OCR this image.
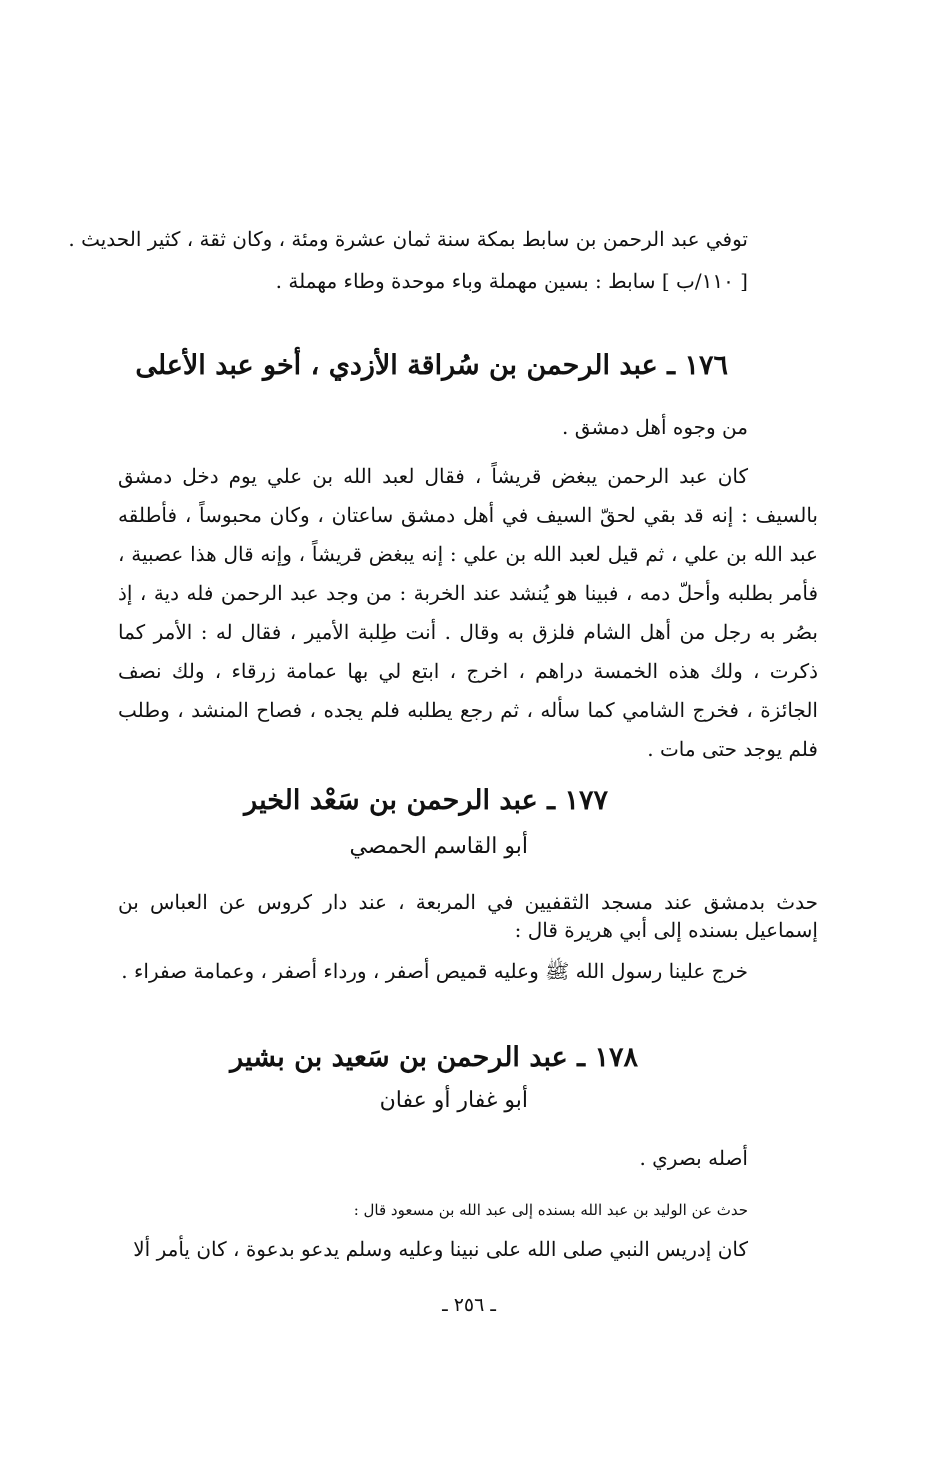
توفي عبد الرحمن بن سابط بمكة سنة ثمان عشرة ومئة ، وكان ثقة ، كثير الحديث .
[ ١١٠/ب ] سابط : بسين مهملة وباء موحدة وطاء مهملة .
١٧٦ ـ عبد الرحمن بن سُراقة الأزدي ، أخو عبد الأعلى
من وجوه أهل دمشق .
كان عبد الرحمن يبغض قريشاً ، فقال لعبد الله بن علي يوم دخل دمشق بالسيف : إنه قد بقي لحقّ السيف في أهل دمشق ساعتان ، وكان محبوساً ، فأطلقه عبد الله بن علي ، ثم قيل لعبد الله بن علي : إنه يبغض قريشاً ، وإنه قال هذا عصبية ، فأمر بطلبه وأحلّ دمه ، فبينا هو يُنشد عند الخربة : من وجد عبد الرحمن فله دية ، إذ بصُر به رجل من أهل الشام فلزق به وقال . أنت طِلبة الأمير ، فقال له : الأمر كما ذكرت ، ولك هذه الخمسة دراهم ، اخرج ، ابتع لي بها عمامة زرقاء ، ولك نصف الجائزة ، فخرج الشامي كما سأله ، ثم رجع يطلبه فلم يجده ، فصاح المنشد ، وطلب فلم يوجد حتى مات .
١٧٧ ـ عبد الرحمن بن سَعْد الخير
أبو القاسم الحمصي
حدث بدمشق عند مسجد الثقفيين في المربعة ، عند دار كروس عن العباس بن إسماعيل بسنده إلى أبي هريرة قال :
خرج علينا رسول الله ﷺ وعليه قميص أصفر ، ورداء أصفر ، وعمامة صفراء .
١٧٨ ـ عبد الرحمن بن سَعيد بن بشير
أبو غفار أو عفان
أصله بصري .
حدث عن الوليد بن عبد الله بسنده إلى عبد الله بن مسعود قال :
كان إدريس النبي صلى الله على نبينا وعليه وسلم يدعو بدعوة ، كان يأمر ألا
ـ ٢٥٦ ـ
